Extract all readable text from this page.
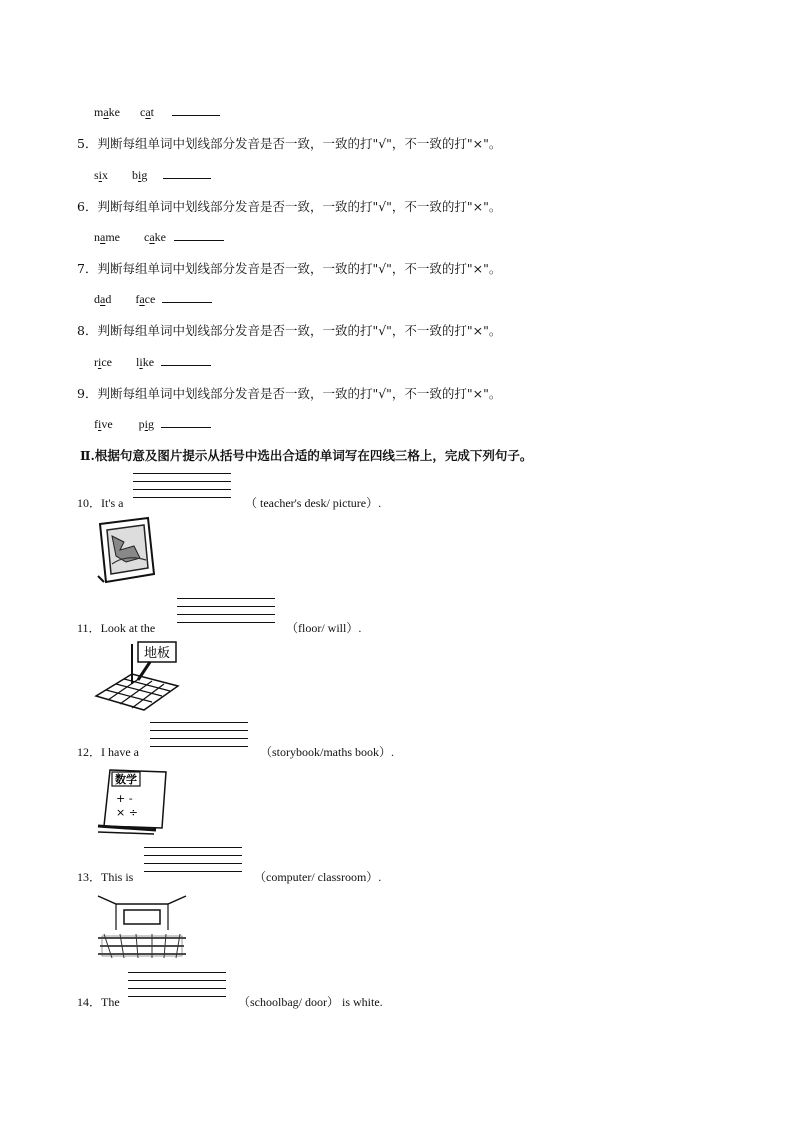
make cat
5．判断每组单词中划线部分发音是否一致，一致的打"√"，不一致的打"×"。
six big
6．判断每组单词中划线部分发音是否一致，一致的打"√"，不一致的打"×"。
name cake
7．判断每组单词中划线部分发音是否一致，一致的打"√"，不一致的打"×"。
dad face
8．判断每组单词中划线部分发音是否一致，一致的打"√"，不一致的打"×"。
rice like
9．判断每组单词中划线部分发音是否一致，一致的打"√"，不一致的打"×"。
five pig
Ⅱ.根据句意及图片提示从括号中选出合适的单词写在四线三格上，完成下列句子。
10．It's a	（ teacher's desk/ picture）.
11．Look at the	（floor/ will）.
地板
12．I have a	（storybook/maths book）.
数学
+ -
× ÷
13．This is	（computer/ classroom）.
14．The	（schoolbag/ door） is white.
